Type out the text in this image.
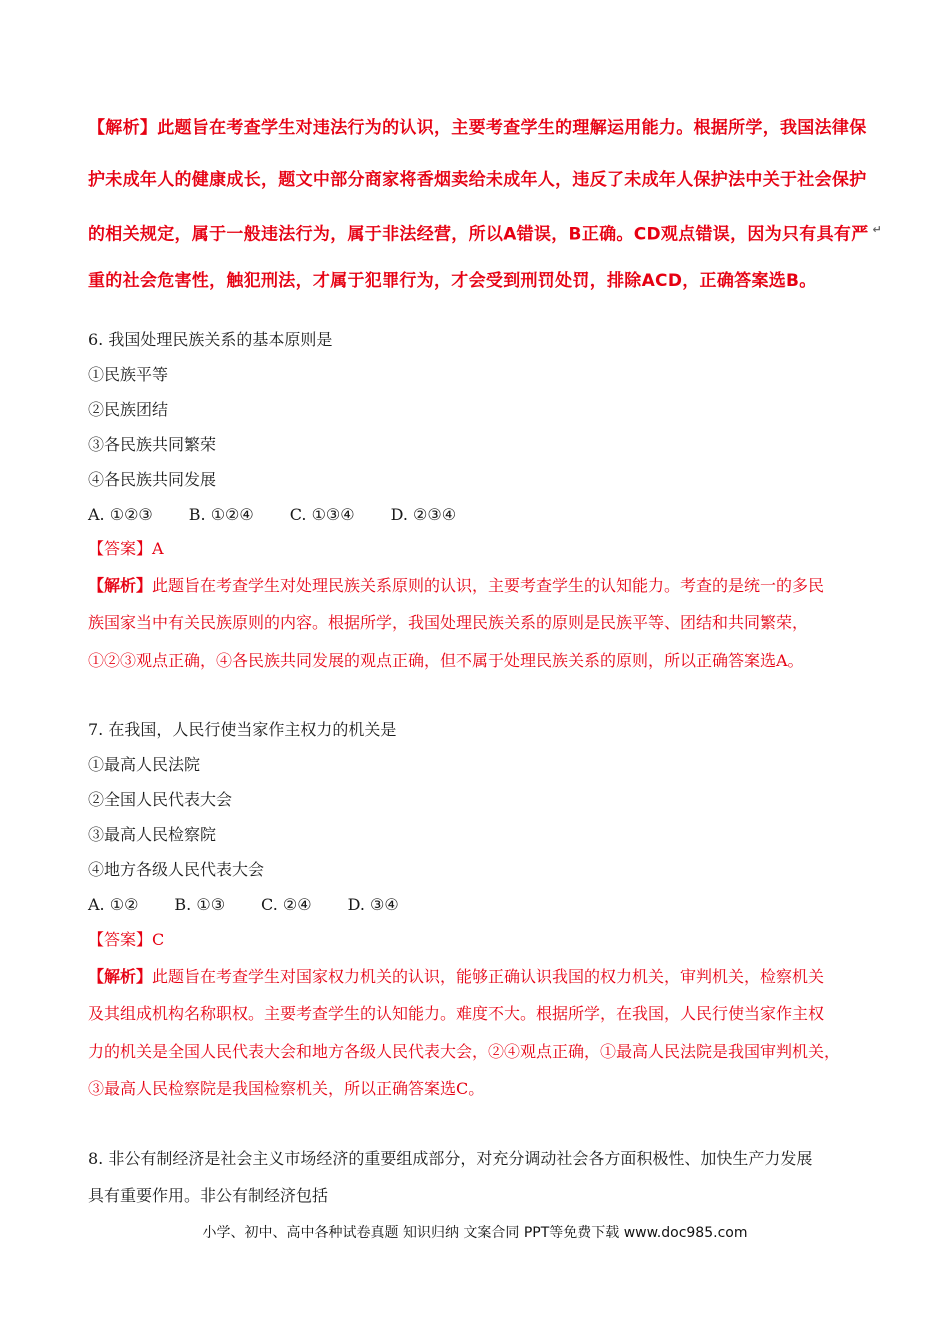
【解析】此题旨在考查学生对违法行为的认识，主要考查学生的理解运用能力。根据所学，我国法律保
护未成年人的健康成长，题文中部分商家将香烟卖给未成年人，违反了未成年人保护法中关于社会保护
的相关规定，属于一般违法行为，属于非法经营，所以A错误，B正确。CD观点错误，因为只有具有严 ↵
重的社会危害性，触犯刑法，才属于犯罪行为，才会受到刑罚处罚，排除ACD，正确答案选B。
6. 我国处理民族关系的基本原则是
①民族平等
②民族团结
③各民族共同繁荣
④各民族共同发展
A. ①②③ B. ①②④ C. ①③④ D. ②③④
【答案】A
【解析】此题旨在考查学生对处理民族关系原则的认识，主要考查学生的认知能力。考查的是统一的多民
族国家当中有关民族原则的内容。根据所学，我国处理民族关系的原则是民族平等、团结和共同繁荣，
①②③观点正确，④各民族共同发展的观点正确，但不属于处理民族关系的原则，所以正确答案选A。
7. 在我国，人民行使当家作主权力的机关是
①最高人民法院
②全国人民代表大会
③最高人民检察院
④地方各级人民代表大会
A. ①② B. ①③ C. ②④ D. ③④
【答案】C
【解析】此题旨在考查学生对国家权力机关的认识，能够正确认识我国的权力机关，审判机关，检察机关
及其组成机构名称职权。主要考查学生的认知能力。难度不大。根据所学，在我国，人民行使当家作主权
力的机关是全国人民代表大会和地方各级人民代表大会，②④观点正确，①最高人民法院是我国审判机关，
③最高人民检察院是我国检察机关，所以正确答案选C。
8. 非公有制经济是社会主义市场经济的重要组成部分，对充分调动社会各方面积极性、加快生产力发展
具有重要作用。非公有制经济包括
小学、初中、高中各种试卷真题 知识归纳 文案合同 PPT等免费下载 www.doc985.com
